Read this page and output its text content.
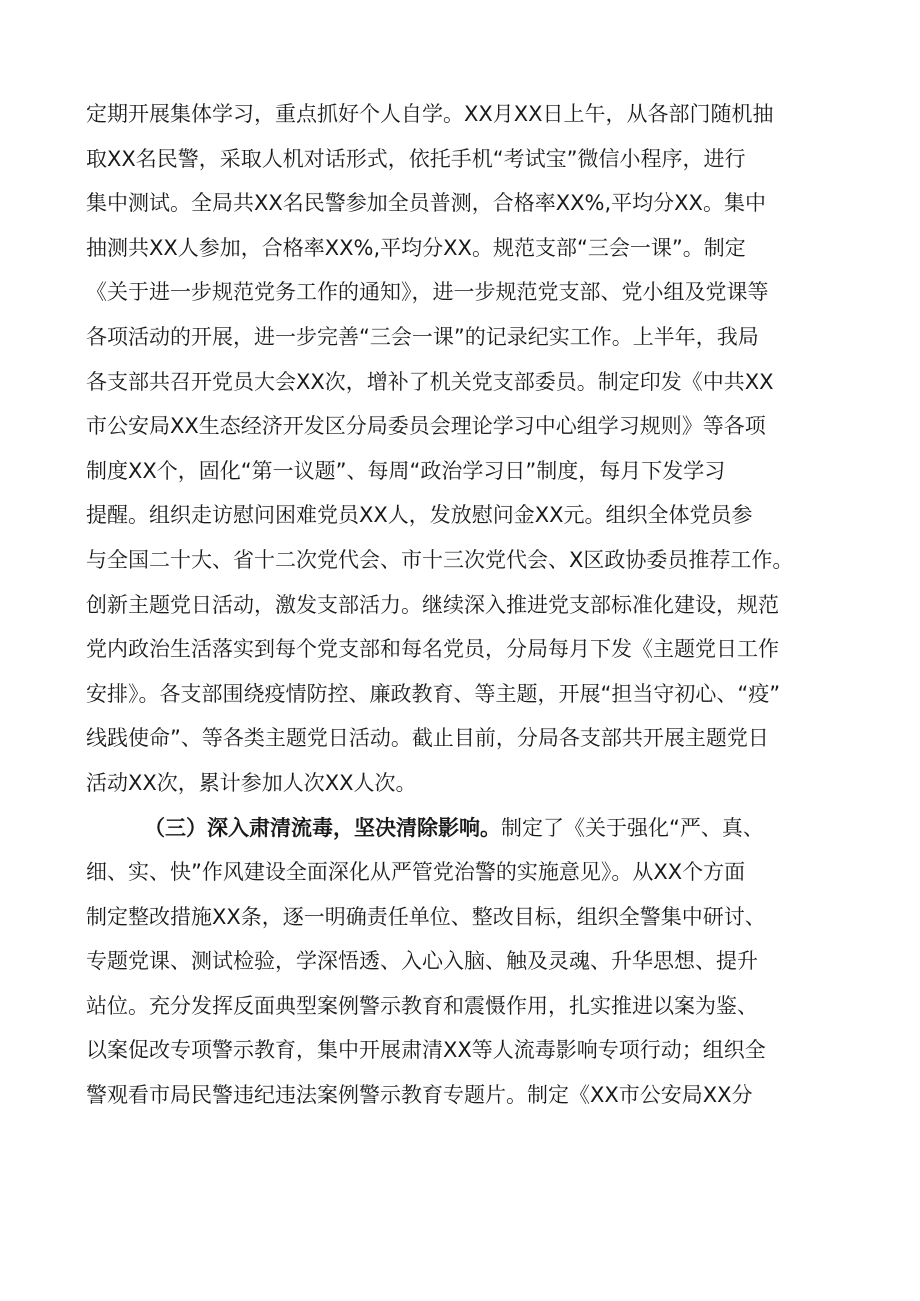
定期开展集体学习，重点抓好个人自学。XX月XX日上午，从各部门随机抽
取XX名民警，采取人机对话形式，依托手机“考试宝”微信小程序，进行
集中测试。全局共XX名民警参加全员普测，合格率XX%,平均分XX。集中
抽测共XX人参加，合格率XX%,平均分XX。规范支部“三会一课”。制定
《关于进一步规范党务工作的通知》，进一步规范党支部、党小组及党课等
各项活动的开展，进一步完善“三会一课”的记录纪实工作。上半年，我局
各支部共召开党员大会XX次，增补了机关党支部委员。制定印发《中共XX
市公安局XX生态经济开发区分局委员会理论学习中心组学习规则》等各项
制度XX个，固化“第一议题”、每周“政治学习日”制度，每月下发学习
提醒。组织走访慰问困难党员XX人，发放慰问金XX元。组织全体党员参
与全国二十大、省十二次党代会、市十三次党代会、X区政协委员推荐工作。
创新主题党日活动，激发支部活力。继续深入推进党支部标准化建设，规范
党内政治生活落实到每个党支部和每名党员，分局每月下发《主题党日工作
安排》。各支部围绕疫情防控、廉政教育、等主题，开展“担当守初心、“疫”
线践使命”、等各类主题党日活动。截止目前，分局各支部共开展主题党日
活动XX次，累计参加人次XX人次。
（三）深入肃清流毒，坚决清除影响。制定了《关于强化“严、真、
细、实、快”作风建设全面深化从严管党治警的实施意见》。从XX个方面
制定整改措施XX条，逐一明确责任单位、整改目标，组织全警集中研讨、
专题党课、测试检验，学深悟透、入心入脑、触及灵魂、升华思想、提升
站位。充分发挥反面典型案例警示教育和震慑作用，扎实推进以案为鉴、
以案促改专项警示教育，集中开展肃清XX等人流毒影响专项行动；组织全
警观看市局民警违纪违法案例警示教育专题片。制定《XX市公安局XX分
